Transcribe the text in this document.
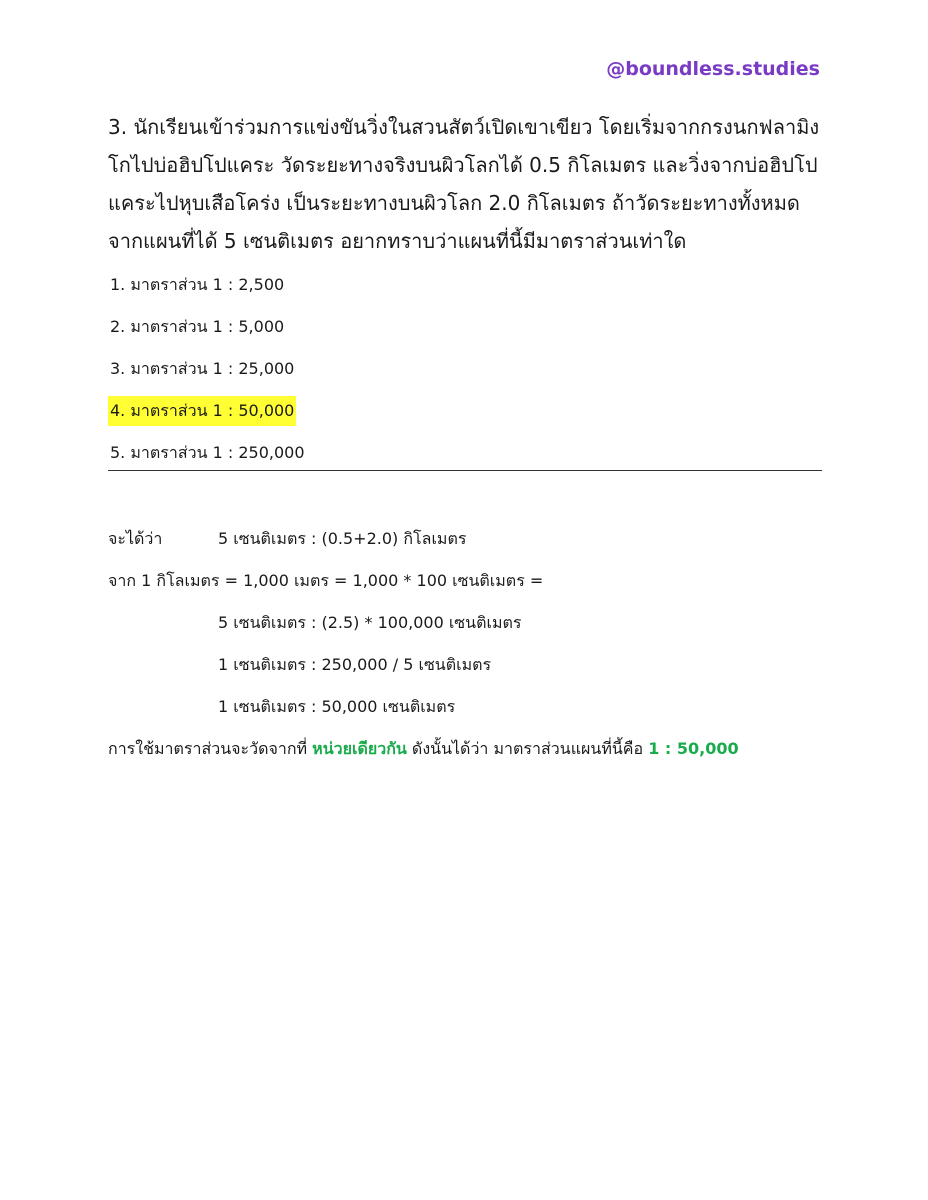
@boundless.studies

3. นักเรียนเข้าร่วมการแข่งขันวิ่งในสวนสัตว์เปิดเขาเขียว โดยเริ่มจากกรงนกฟลามิง
โกไปบ่อฮิปโปแคระ วัดระยะทางจริงบนผิวโลกได้ 0.5 กิโลเมตร และวิ่งจากบ่อฮิปโป
แคระไปหุบเสือโคร่ง เป็นระยะทางบนผิวโลก 2.0 กิโลเมตร ถ้าวัดระยะทางทั้งหมด
จากแผนที่ได้ 5 เซนติเมตร อยากทราบว่าแผนที่นี้มีมาตราส่วนเท่าใด

1. มาตราส่วน 1 : 2,500
2. มาตราส่วน 1 : 5,000
3. มาตราส่วน 1 : 25,000
4. มาตราส่วน 1 : 50,000
5. มาตราส่วน 1 : 250,000
จะได้ว่า	5 เซนติเมตร : (0.5+2.0) กิโลเมตร
จาก 1 กิโลเมตร = 1,000 เมตร = 1,000 * 100 เซนติเมตร =
5 เซนติเมตร : (2.5) * 100,000 เซนติเมตร
1 เซนติเมตร : 250,000 / 5 เซนติเมตร
1 เซนติเมตร : 50,000 เซนติเมตร
การใช้มาตราส่วนจะวัดจากที่ หน่วยเดียวกัน ดังนั้นได้ว่า มาตราส่วนแผนที่นี้คือ 1 : 50,000
